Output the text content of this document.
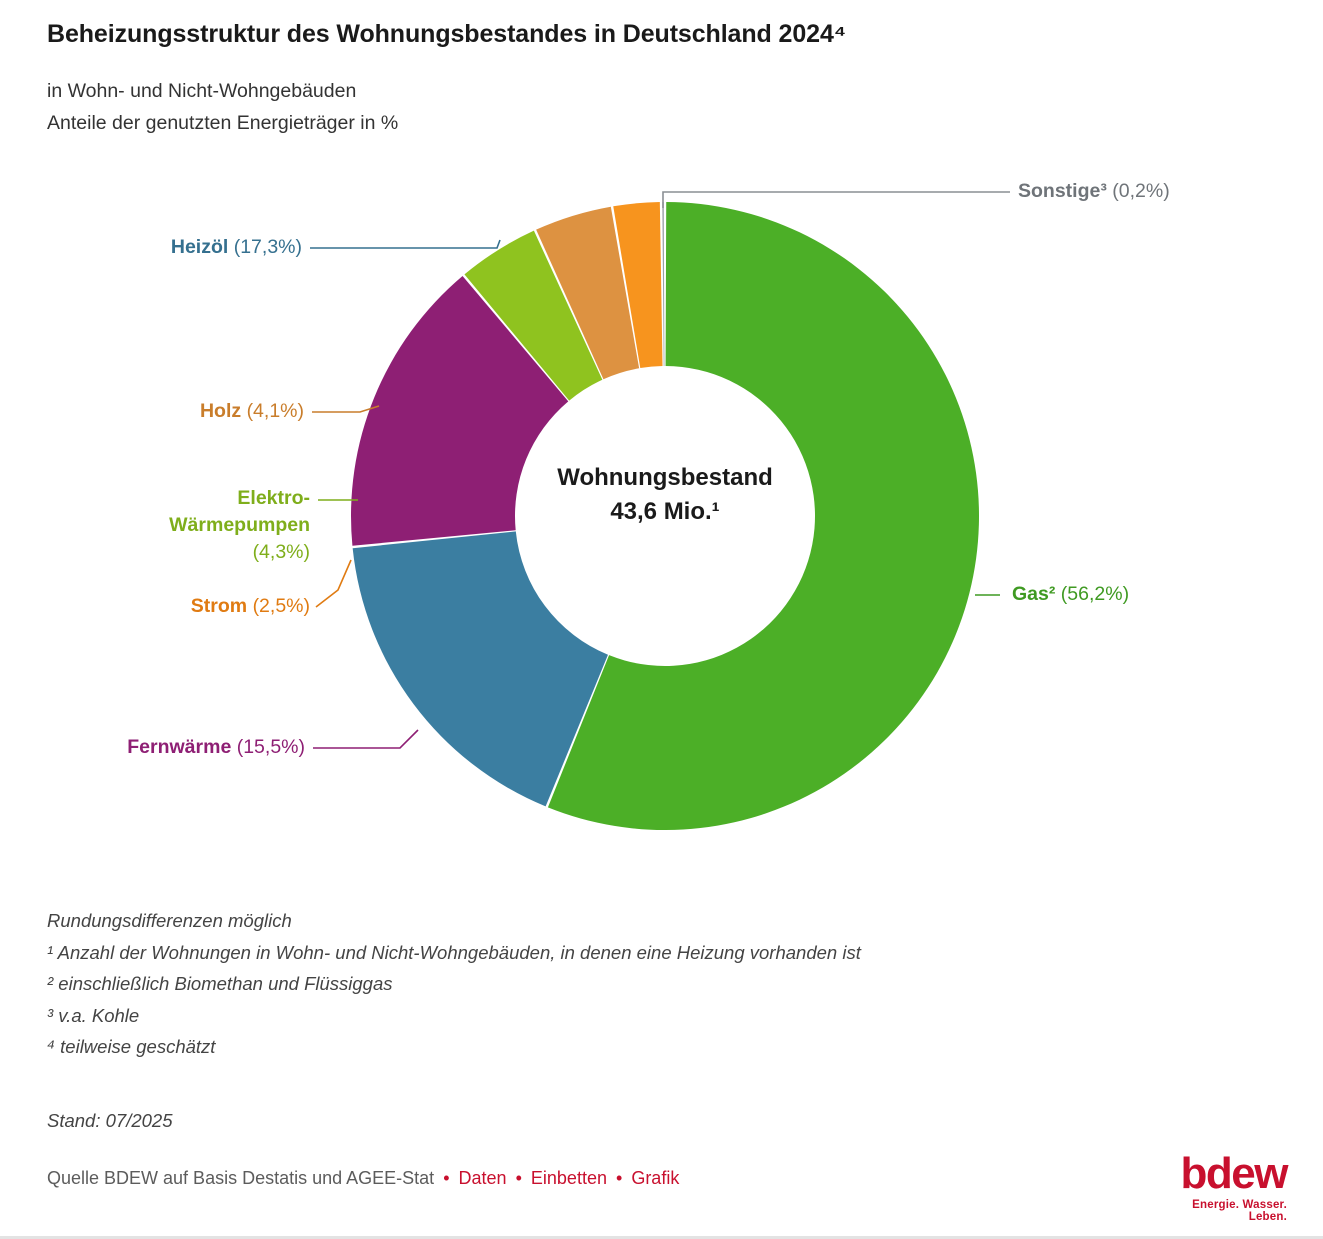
Beheizungsstruktur des Wohnungsbestandes in Deutschland 2024⁴
in Wohn- und Nicht-Wohngebäuden
Anteile der genutzten Energieträger in %
Wohnungsbestand
43,6 Mio.¹
Sonstige³ (0,2%)
Heizöl (17,3%)
Holz (4,1%)
Elektro-
Wärmepumpen
(4,3%)
Strom (2,5%)
Fernwärme (15,5%)
Gas² (56,2%)
Rundungsdifferenzen möglich
¹ Anzahl der Wohnungen in Wohn- und Nicht-Wohngebäuden, in denen eine Heizung vorhanden ist
² einschließlich Biomethan und Flüssiggas
³ v.a. Kohle
⁴ teilweise geschätzt
Stand: 07/2025
Quelle BDEW auf Basis Destatis und AGEE-Stat • Daten • Einbetten • Grafik	bdew
Energie. Wasser. Leben.
